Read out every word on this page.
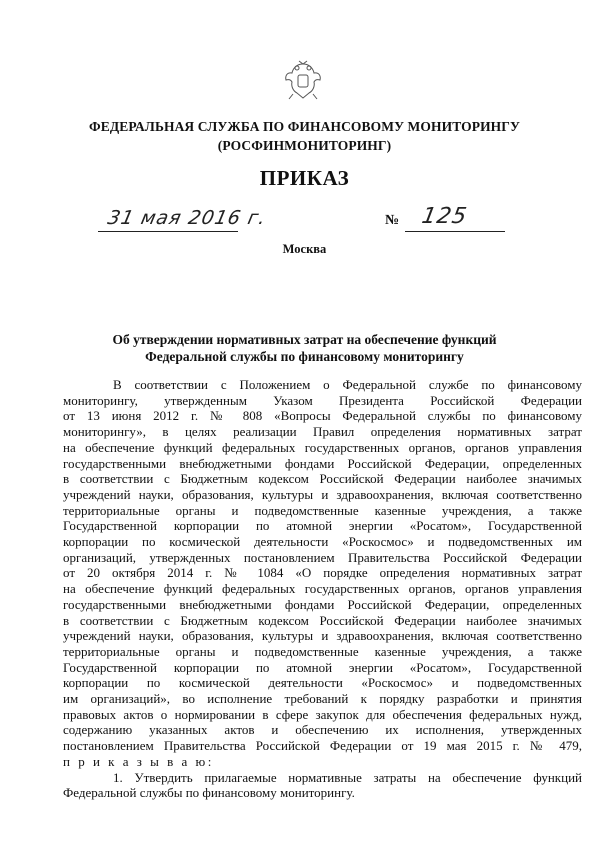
ФЕДЕРАЛЬНАЯ СЛУЖБА ПО ФИНАНСОВОМУ МОНИТОРИНГУ
(РОСФИНМОНИТОРИНГ)
ПРИКАЗ
31 мая 2016 г.	№ 125
Москва
Об утверждении нормативных затрат на обеспечение функций
Федеральной службы по финансовому мониторингу
В соответствии с Положением о Федеральной службе по финансовому
мониторингу, утвержденным Указом Президента Российской Федерации
от 13 июня 2012 г. № 808 «Вопросы Федеральной службы по финансовому
мониторингу», в целях реализации Правил определения нормативных затрат
на обеспечение функций федеральных государственных органов, органов управления
государственными внебюджетными фондами Российской Федерации, определенных
в соответствии с Бюджетным кодексом Российской Федерации наиболее значимых
учреждений науки, образования, культуры и здравоохранения, включая соответственно
территориальные органы и подведомственные казенные учреждения, а также
Государственной корпорации по атомной энергии «Росатом», Государственной
корпорации по космической деятельности «Роскосмос» и подведомственных им
организаций, утвержденных постановлением Правительства Российской Федерации
от 20 октября 2014 г. № 1084 «О порядке определения нормативных затрат
на обеспечение функций федеральных государственных органов, органов управления
государственными внебюджетными фондами Российской Федерации, определенных
в соответствии с Бюджетным кодексом Российской Федерации наиболее значимых
учреждений науки, образования, культуры и здравоохранения, включая соответственно
территориальные органы и подведомственные казенные учреждения, а также
Государственной корпорации по атомной энергии «Росатом», Государственной
корпорации по космической деятельности «Роскосмос» и подведомственных
им организаций», во исполнение требований к порядку разработки и принятия
правовых актов о нормировании в сфере закупок для обеспечения федеральных нужд,
содержанию указанных актов и обеспечению их исполнения, утвержденных
постановлением Правительства Российской Федерации от 19 мая 2015 г. № 479,
п р и к а з ы в а ю:
1. Утвердить прилагаемые нормативные затраты на обеспечение функций
Федеральной службы по финансовому мониторингу.
